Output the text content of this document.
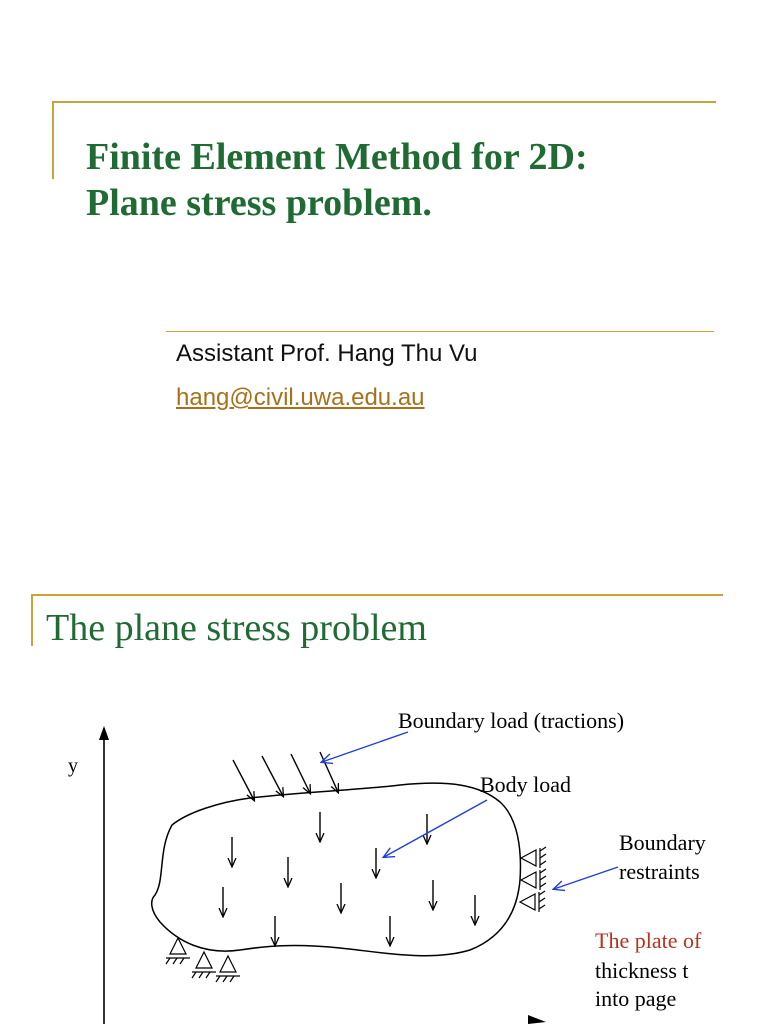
Finite Element Method for 2D:
Plane stress problem.
Assistant Prof. Hang Thu Vu
hang@civil.uwa.edu.au
The plane stress problem
y
Boundary load (tractions)
Body load
Boundary
restraints
The plate of
thickness t
into page
